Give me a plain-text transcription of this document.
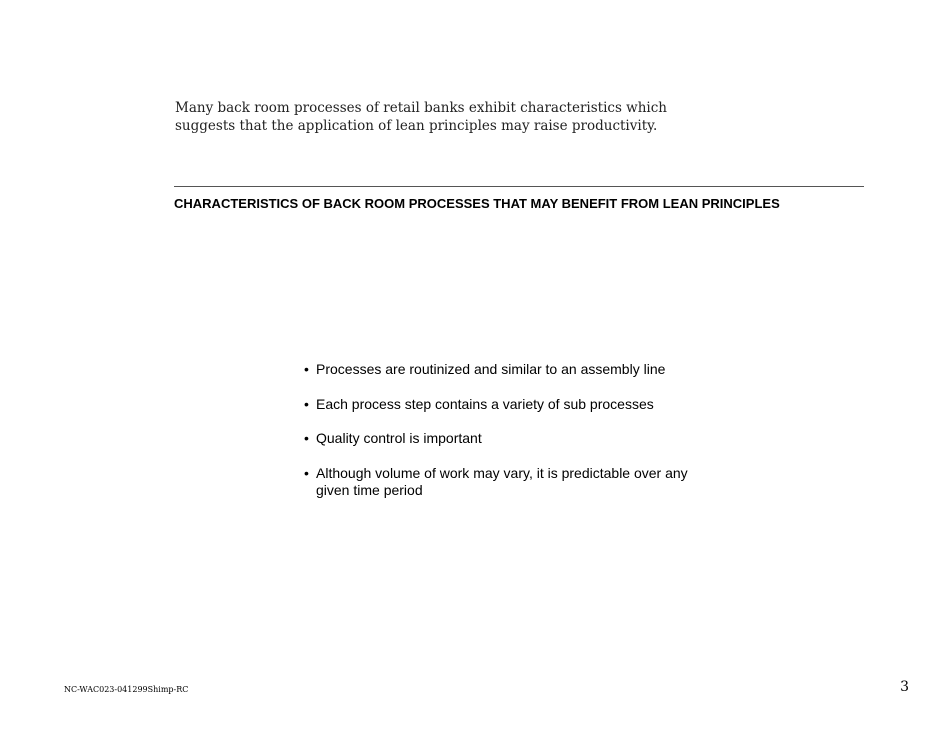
Many back room processes of retail banks exhibit characteristics which
suggests that the application of lean principles may raise productivity.
CHARACTERISTICS OF BACK ROOM PROCESSES THAT MAY BENEFIT FROM LEAN PRINCIPLES
• Processes are routinized and similar to an assembly line
• Each process step contains a variety of sub processes
• Quality control is important
• Although volume of work may vary, it is predictable over any given time period

NC-WAC023-041299Shimp-RC	3
